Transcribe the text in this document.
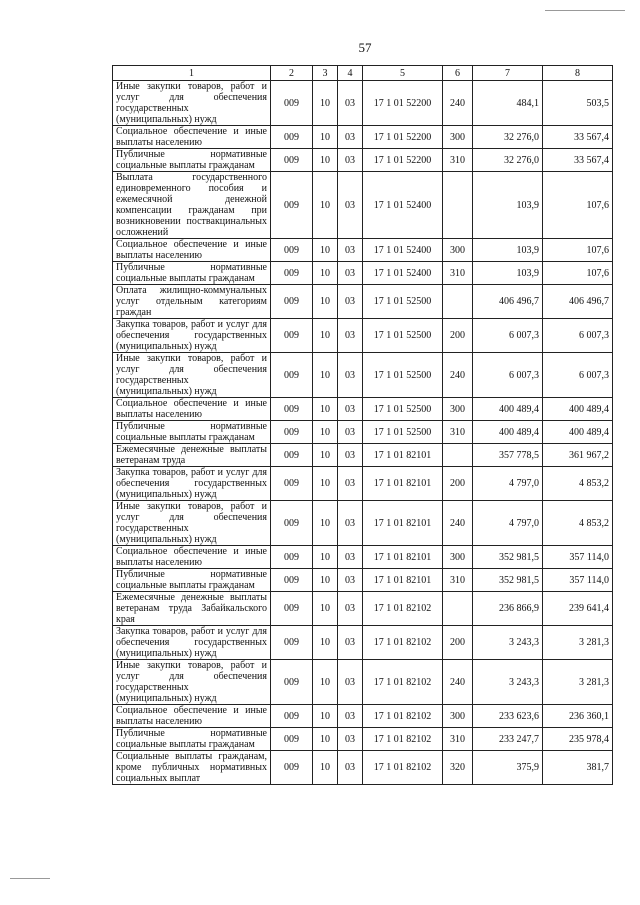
57
1	2	3	4	5	6	7	8
Иные закупки товаров, работ и услуг для обеспечения государственных (муниципальных) нужд	009	10	03	17 1 01 52200	240	484,1	503,5
Социальное обеспечение и иные выплаты населению	009	10	03	17 1 01 52200	300	32 276,0	33 567,4
Публичные нормативные социальные выплаты гражданам	009	10	03	17 1 01 52200	310	32 276,0	33 567,4
Выплата государственного единовременного пособия и ежемесячной денежной компенсации гражданам при возникновении поствакцинальных осложнений	009	10	03	17 1 01 52400		103,9	107,6
Социальное обеспечение и иные выплаты населению	009	10	03	17 1 01 52400	300	103,9	107,6
Публичные нормативные социальные выплаты гражданам	009	10	03	17 1 01 52400	310	103,9	107,6
Оплата жилищно-коммунальных услуг отдельным категориям граждан	009	10	03	17 1 01 52500		406 496,7	406 496,7
Закупка товаров, работ и услуг для обеспечения государственных (муниципальных) нужд	009	10	03	17 1 01 52500	200	6 007,3	6 007,3
Иные закупки товаров, работ и услуг для обеспечения государственных (муниципальных) нужд	009	10	03	17 1 01 52500	240	6 007,3	6 007,3
Социальное обеспечение и иные выплаты населению	009	10	03	17 1 01 52500	300	400 489,4	400 489,4
Публичные нормативные социальные выплаты гражданам	009	10	03	17 1 01 52500	310	400 489,4	400 489,4
Ежемесячные денежные выплаты ветеранам труда	009	10	03	17 1 01 82101		357 778,5	361 967,2
Закупка товаров, работ и услуг для обеспечения государственных (муниципальных) нужд	009	10	03	17 1 01 82101	200	4 797,0	4 853,2
Иные закупки товаров, работ и услуг для обеспечения государственных (муниципальных) нужд	009	10	03	17 1 01 82101	240	4 797,0	4 853,2
Социальное обеспечение и иные выплаты населению	009	10	03	17 1 01 82101	300	352 981,5	357 114,0
Публичные нормативные социальные выплаты гражданам	009	10	03	17 1 01 82101	310	352 981,5	357 114,0
Ежемесячные денежные выплаты ветеранам труда Забайкальского края	009	10	03	17 1 01 82102		236 866,9	239 641,4
Закупка товаров, работ и услуг для обеспечения государственных (муниципальных) нужд	009	10	03	17 1 01 82102	200	3 243,3	3 281,3
Иные закупки товаров, работ и услуг для обеспечения государственных (муниципальных) нужд	009	10	03	17 1 01 82102	240	3 243,3	3 281,3
Социальное обеспечение и иные выплаты населению	009	10	03	17 1 01 82102	300	233 623,6	236 360,1
Публичные нормативные социальные выплаты гражданам	009	10	03	17 1 01 82102	310	233 247,7	235 978,4
Социальные выплаты гражданам, кроме публичных нормативных социальных выплат	009	10	03	17 1 01 82102	320	375,9	381,7
